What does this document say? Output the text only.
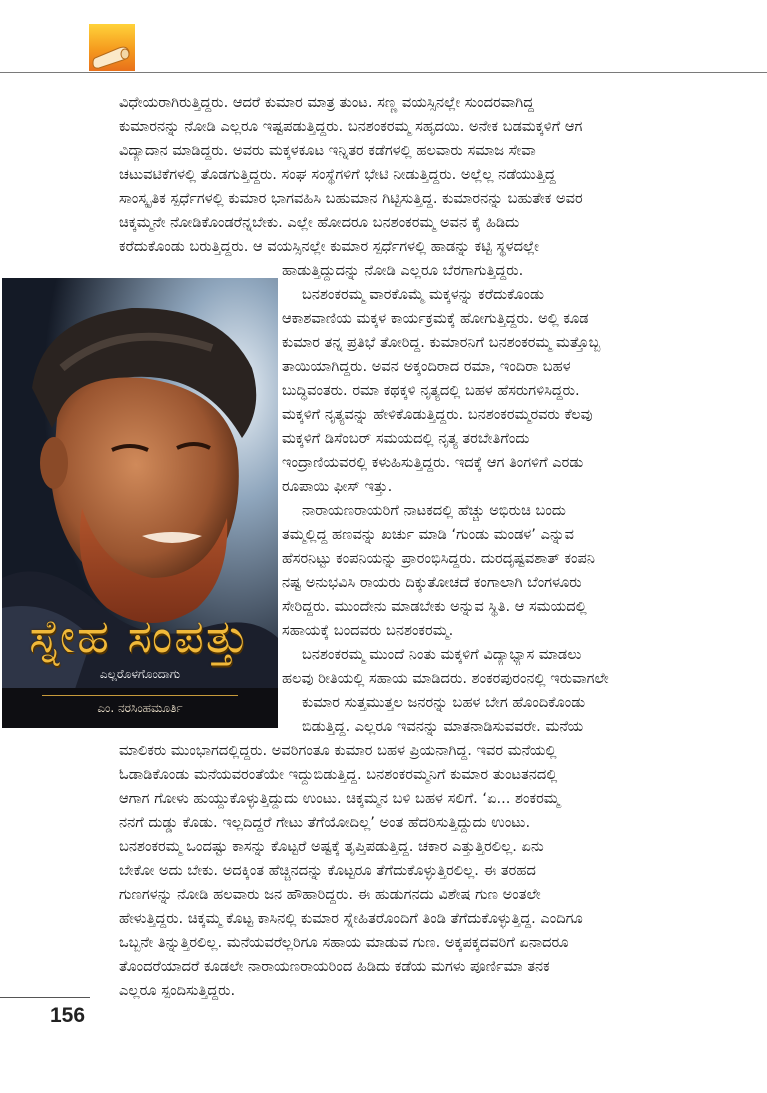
ವಿಧೇಯರಾಗಿರುತ್ತಿದ್ದರು. ಆದರೆ ಕುಮಾರ ಮಾತ್ರ ತುಂಟ. ಸಣ್ಣ ವಯಸ್ಸಿನಲ್ಲೇ ಸುಂದರವಾಗಿದ್ದ
ಕುಮಾರನನ್ನು ನೋಡಿ ಎಲ್ಲರೂ ಇಷ್ಟಪಡುತ್ತಿದ್ದರು. ಬನಶಂಕರಮ್ಮ ಸಹೃದಯಿ. ಅನೇಕ ಬಡಮಕ್ಕಳಿಗೆ ಆಗ
ವಿದ್ಯಾದಾನ ಮಾಡಿದ್ದರು. ಅವರು ಮಕ್ಕಳಕೂಟ ಇನ್ನಿತರ ಕಡೆಗಳಲ್ಲಿ ಹಲವಾರು ಸಮಾಜ ಸೇವಾ
ಚಟುವಟಿಕೆಗಳಲ್ಲಿ ತೊಡಗುತ್ತಿದ್ದರು. ಸಂಘ ಸಂಸ್ಥೆಗಳಿಗೆ ಭೇಟಿ ನೀಡುತ್ತಿದ್ದರು. ಅಲ್ಲೆಲ್ಲ ನಡೆಯುತ್ತಿದ್ದ
ಸಾಂಸ್ಕೃತಿಕ ಸ್ಪರ್ಧೆಗಳಲ್ಲಿ ಕುಮಾರ ಭಾಗವಹಿಸಿ ಬಹುಮಾನ ಗಿಟ್ಟಿಸುತ್ತಿದ್ದ. ಕುಮಾರನನ್ನು ಬಹುತೇಕ ಅವರ
ಚಿಕ್ಕಮ್ಮನೇ ನೋಡಿಕೊಂಡರೆನ್ನಬೇಕು. ಎಲ್ಲೇ ಹೋದರೂ ಬನಶಂಕರಮ್ಮ ಅವನ ಕೈ ಹಿಡಿದು
ಕರೆದುಕೊಂಡು ಬರುತ್ತಿದ್ದರು. ಆ ವಯಸ್ಸಿನಲ್ಲೇ ಕುಮಾರ ಸ್ಪರ್ಧೆಗಳಲ್ಲಿ ಹಾಡನ್ನು ಕಟ್ಟಿ ಸ್ಥಳದಲ್ಲೇ
ಹಾಡುತ್ತಿದ್ದುದನ್ನು ನೋಡಿ ಎಲ್ಲರೂ ಬೆರಗಾಗುತ್ತಿದ್ದರು.
ಬನಶಂಕರಮ್ಮ ವಾರಕೊಮ್ಮೆ ಮಕ್ಕಳನ್ನು ಕರೆದುಕೊಂಡು
ಆಕಾಶವಾಣಿಯ ಮಕ್ಕಳ ಕಾರ್ಯಕ್ರಮಕ್ಕೆ ಹೋಗುತ್ತಿದ್ದರು. ಅಲ್ಲಿ ಕೂಡ
ಕುಮಾರ ತನ್ನ ಪ್ರತಿಭೆ ತೋರಿದ್ದ. ಕುಮಾರನಿಗೆ ಬನಶಂಕರಮ್ಮ ಮತ್ತೊಬ್ಬ
ತಾಯಿಯಾಗಿದ್ದರು. ಅವನ ಅಕ್ಕಂದಿರಾದ ರಮಾ, ಇಂದಿರಾ ಬಹಳ
ಬುದ್ಧಿವಂತರು. ರಮಾ ಕಥಕ್ಕಳಿ ನೃತ್ಯದಲ್ಲಿ ಬಹಳ ಹೆಸರುಗಳಿಸಿದ್ದರು.
ಮಕ್ಕಳಿಗೆ ನೃತ್ಯವನ್ನು ಹೇಳಿಕೊಡುತ್ತಿದ್ದರು. ಬನಶಂಕರಮ್ಮರವರು ಕೆಲವು
ಮಕ್ಕಳಿಗೆ ಡಿಸೆಂಬರ್ ಸಮಯದಲ್ಲಿ ನೃತ್ಯ ತರಬೇತಿಗೆಂದು
ಇಂದ್ರಾಣಿಯವರಲ್ಲಿ ಕಳುಹಿಸುತ್ತಿದ್ದರು. ಇದಕ್ಕೆ ಆಗ ತಿಂಗಳಿಗೆ ಎರಡು
ರೂಪಾಯಿ ಫೀಸ್ ಇತ್ತು.
ನಾರಾಯಣರಾಯರಿಗೆ ನಾಟಕದಲ್ಲಿ ಹೆಚ್ಚು ಅಭಿರುಚಿ ಬಂದು
ತಮ್ಮಲ್ಲಿದ್ದ ಹಣವನ್ನು ಖರ್ಚು ಮಾಡಿ ‘ಗುಂಡು ಮಂಡಳ’ ಎನ್ನುವ
ಹೆಸರನಿಟ್ಟು ಕಂಪನಿಯನ್ನು ಪ್ರಾರಂಭಿಸಿದ್ದರು. ದುರದೃಷ್ಟವಶಾತ್ ಕಂಪನಿ
ನಷ್ಟ ಅನುಭವಿಸಿ ರಾಯರು ದಿಕ್ಕುತೋಚದೆ ಕಂಗಾಲಾಗಿ ಬೆಂಗಳೂರು
ಸೇರಿದ್ದರು. ಮುಂದೇನು ಮಾಡಬೇಕು ಅನ್ನುವ ಸ್ಥಿತಿ. ಆ ಸಮಯದಲ್ಲಿ
ಸಹಾಯಕ್ಕೆ ಬಂದವರು ಬನಶಂಕರಮ್ಮ.
ಬನಶಂಕರಮ್ಮ ಮುಂದೆ ನಿಂತು ಮಕ್ಕಳಿಗೆ ವಿದ್ಯಾಭ್ಯಾಸ ಮಾಡಲು
ಹಲವು ರೀತಿಯಲ್ಲಿ ಸಹಾಯ ಮಾಡಿದರು. ಶಂಕರಪುರಂನಲ್ಲಿ ಇರುವಾಗಲೇ
ಕುಮಾರ ಸುತ್ತಮುತ್ತಲ ಜನರನ್ನು ಬಹಳ ಬೇಗ ಹೊಂದಿಕೊಂಡು
ಬಿಡುತ್ತಿದ್ದ. ಎಲ್ಲರೂ ಇವನನ್ನು ಮಾತನಾಡಿಸುವವರೇ. ಮನೆಯ
ಮಾಲಿಕರು ಮುಂಭಾಗದಲ್ಲಿದ್ದರು. ಅವರಿಗಂತೂ ಕುಮಾರ ಬಹಳ ಪ್ರಿಯನಾಗಿದ್ದ. ಇವರ ಮನೆಯಲ್ಲಿ
ಓಡಾಡಿಕೊಂಡು ಮನೆಯವರಂತೆಯೇ ಇದ್ದುಬಿಡುತ್ತಿದ್ದ. ಬನಶಂಕರಮ್ಮನಿಗೆ ಕುಮಾರ ತುಂಟತನದಲ್ಲಿ
ಆಗಾಗ ಗೋಳು ಹುಯ್ದುಕೊಳ್ಳುತ್ತಿದ್ದುದು ಉಂಟು. ಚಿಕ್ಕಮ್ಮನ ಬಳಿ ಬಹಳ ಸಲಿಗೆ. ‘ಏ... ಶಂಕರಮ್ಮ
ನನಗೆ ದುಡ್ಡು ಕೊಡು. ಇಲ್ಲದಿದ್ದರೆ ಗೇಟು ತೆಗೆಯೋದಿಲ್ಲ’ ಅಂತ ಹೆದರಿಸುತ್ತಿದ್ದುದು ಉಂಟು.
ಬನಶಂಕರಮ್ಮ ಒಂದಷ್ಟು ಕಾಸನ್ನು ಕೊಟ್ಟರೆ ಅಷ್ಟಕ್ಕೆ ತೃಪ್ತಿಪಡುತ್ತಿದ್ದ. ಚಕಾರ ಎತ್ತುತ್ತಿರಲಿಲ್ಲ. ಏನು
ಬೇಕೋ ಅದು ಬೇಕು. ಅದಕ್ಕಿಂತ ಹೆಚ್ಚಿನದನ್ನು ಕೊಟ್ಟರೂ ತೆಗೆದುಕೊಳ್ಳುತ್ತಿರಲಿಲ್ಲ. ಈ ತರಹದ
ಗುಣಗಳನ್ನು ನೋಡಿ ಹಲವಾರು ಜನ ಹೌಹಾರಿದ್ದರು. ಈ ಹುಡುಗನದು ವಿಶೇಷ ಗುಣ ಅಂತಲೇ
ಹೇಳುತ್ತಿದ್ದರು. ಚಿಕ್ಕಮ್ಮ ಕೊಟ್ಟ ಕಾಸಿನಲ್ಲಿ ಕುಮಾರ ಸ್ನೇಹಿತರೊಂದಿಗೆ ತಿಂಡಿ ತೆಗೆದುಕೊಳ್ಳುತ್ತಿದ್ದ. ಎಂದಿಗೂ
ಒಬ್ಬನೇ ತಿನ್ನುತ್ತಿರಲಿಲ್ಲ. ಮನೆಯವರೆಲ್ಲರಿಗೂ ಸಹಾಯ ಮಾಡುವ ಗುಣ. ಅಕ್ಕಪಕ್ಕದವರಿಗೆ ಏನಾದರೂ
ತೊಂದರೆಯಾದರೆ ಕೂಡಲೇ ನಾರಾಯಣರಾಯರಿಂದ ಹಿಡಿದು ಕಡೆಯ ಮಗಳು ಪೂರ್ಣಿಮಾ ತನಕ
ಎಲ್ಲರೂ ಸ್ಪಂದಿಸುತ್ತಿದ್ದರು.
ಸ್ನೇಹ ಸಂಪತ್ತು
ಎಲ್ಲರೊಳಗೊಂದಾಗು
ಎಂ. ನರಸಿಂಹಮೂರ್ತಿ
156
